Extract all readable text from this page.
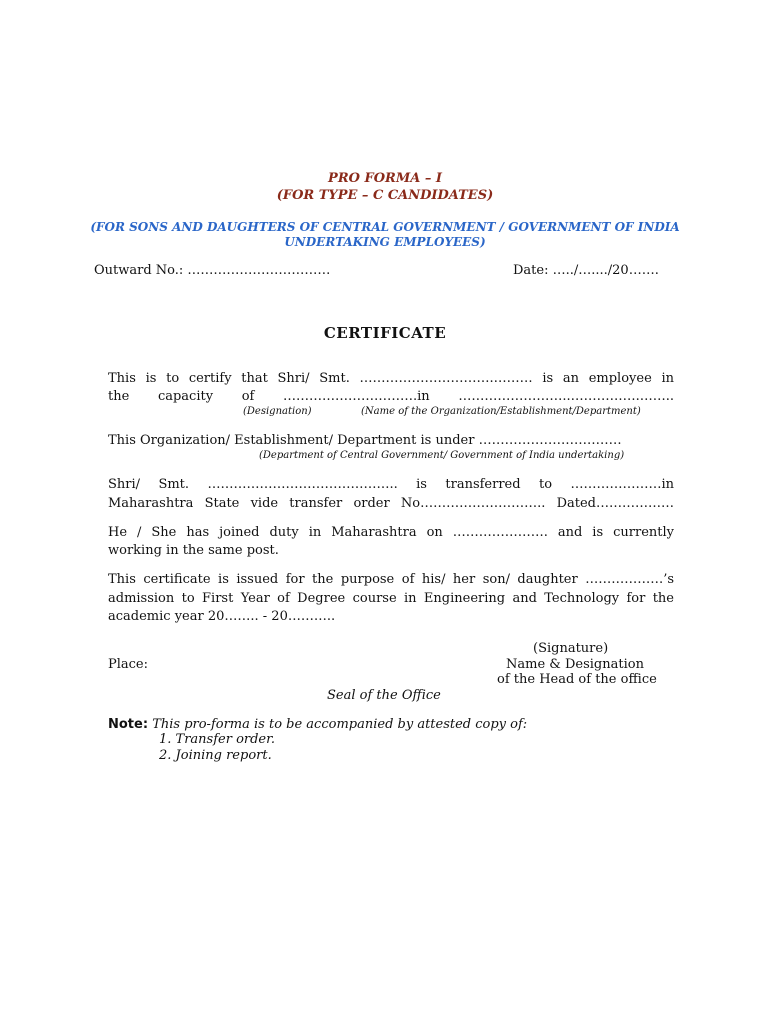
PRO FORMA – I
(FOR TYPE – C CANDIDATES)
(FOR SONS AND DAUGHTERS OF CENTRAL GOVERNMENT / GOVERNMENT OF INDIA
UNDERTAKING EMPLOYEES)
Outward No.: ……………………………	Date: …../…..../20…….
CERTIFICATE
This is to certify that Shri/ Smt. ………………………….……… is an employee in
the capacity of ………………………….in ……………………..…………….……..
(Designation)	(Name of the Organization/Establishment/Department)
This Organization/ Establishment/ Department is under ……………………………
(Department of Central Government/ Government of India undertaking)
Shri/ Smt. …………………………………….. is transferred to …………………in
Maharashtra State vide transfer order No……………………….. Dated………………
He / She has joined duty in Maharashtra on …………………. and is currently
working in the same post.
This certificate is issued for the purpose of his/ her son/ daughter ………………’s
admission to First Year of Degree course in Engineering and Technology for the
academic year 20…….. - 20………..
(Signature)
Place:	Name & Designation
of the Head of the office
Seal of the Office
Note: This pro-forma is to be accompanied by attested copy of:
1. Transfer order.
2. Joining report.
